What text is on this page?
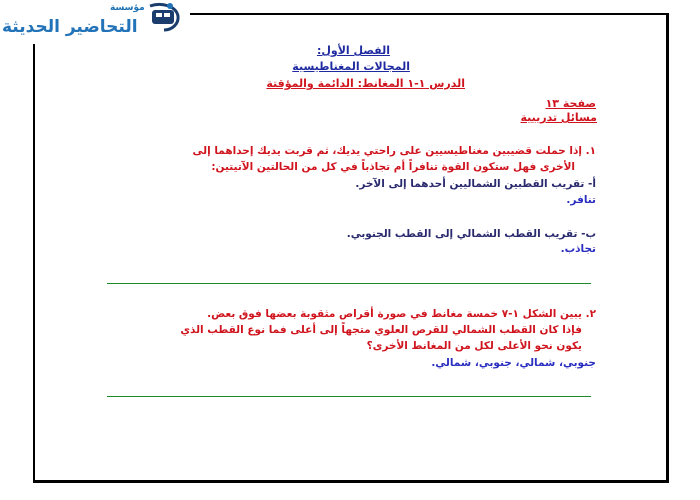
مؤسسة
التحاضير الحديثة
الفصل الأول:
المجالات المغناطيسية
الدرس ١-١ المغانط: الدائمة والمؤقتة
صفحة ١٣
مسائل تدريبية
١. إذا حملت قضيبين مغناطيسيين على راحتي يديك، ثم قربت يديك إحداهما إلى
الأخرى فهل ستكون القوة تنافراً أم تجاذباً في كل من الحالتين الآتيتين:
أ- تقريب القطبين الشماليين أحدهما إلى الآخر.
تنافر.
ب- تقريب القطب الشمالي إلى القطب الجنوبي.
تجاذب.
٢. يبين الشكل ١-٧ خمسة مغانط في صورة أقراص مثقوبة بعضها فوق بعض.
فإذا كان القطب الشمالي للقرص العلوي متجهاً إلى أعلى فما نوع القطب الذي
يكون نحو الأعلى لكل من المغانط الأخرى؟
جنوبي، شمالي، جنوبي، شمالي.
